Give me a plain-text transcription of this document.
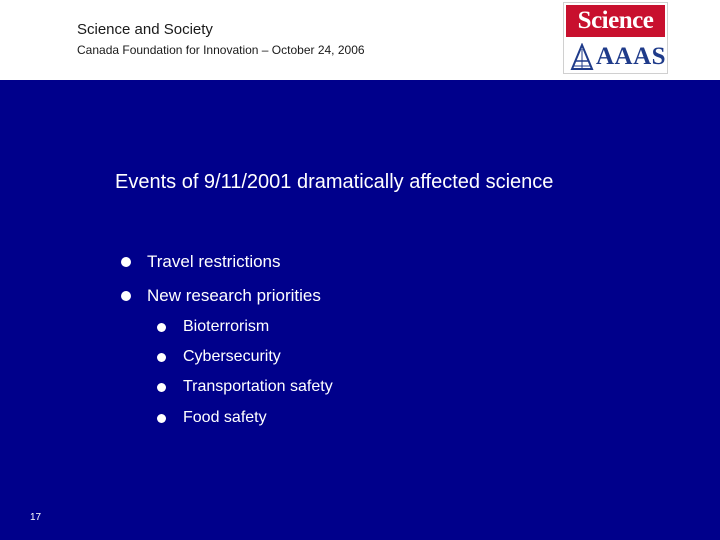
Science and Society
Canada Foundation for Innovation – October 24, 2006
Science
AAAS
Events of 9/11/2001 dramatically affected science
Travel restrictions
New research priorities
Bioterrorism
Cybersecurity
Transportation safety
Food safety
17
